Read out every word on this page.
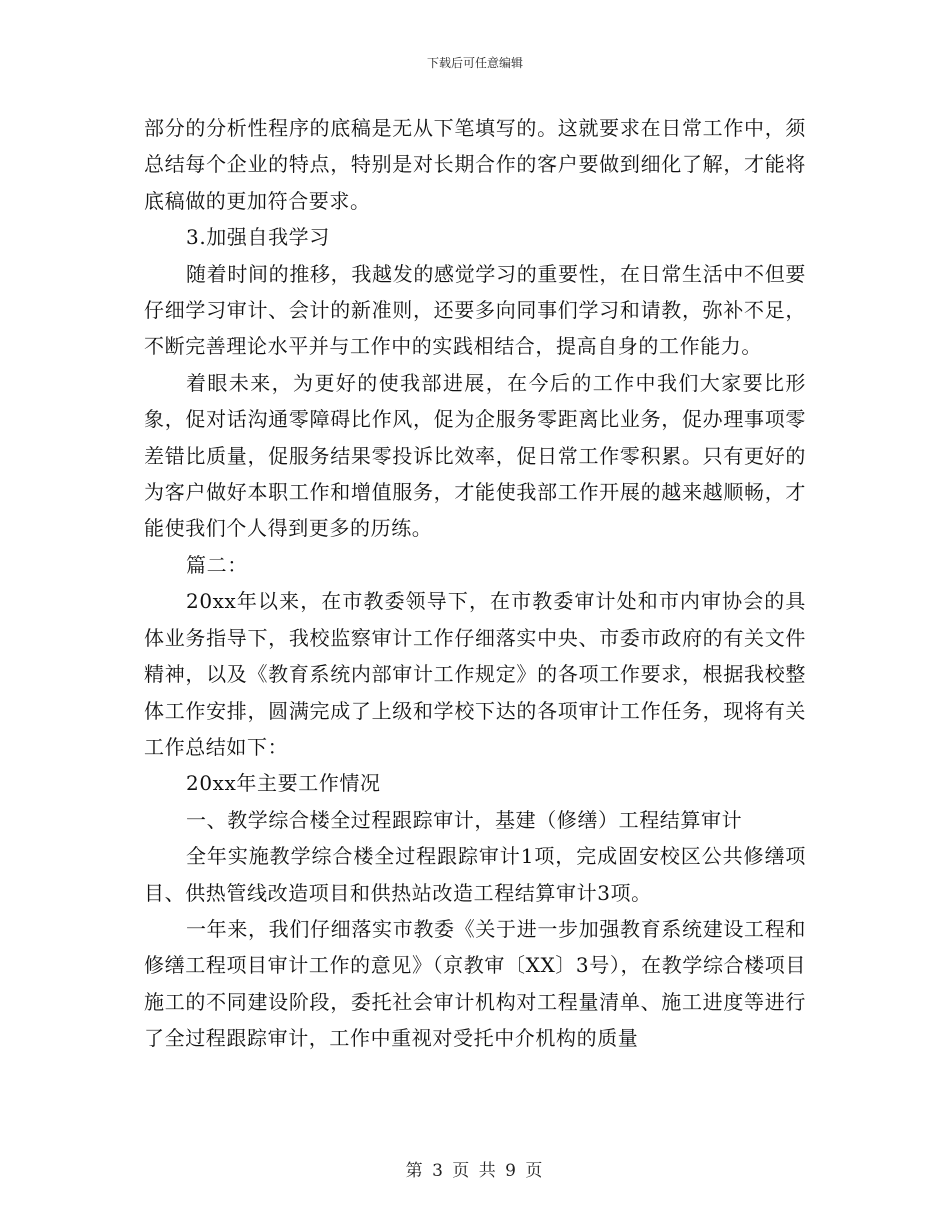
下载后可任意编辑

部分的分析性程序的底稿是无从下笔填写的。这就要求在日常工作中，须总结每个企业的特点，特别是对长期合作的客户要做到细化了解，才能将底稿做的更加符合要求。

3.加强自我学习

随着时间的推移，我越发的感觉学习的重要性，在日常生活中不但要仔细学习审计、会计的新准则，还要多向同事们学习和请教，弥补不足，不断完善理论水平并与工作中的实践相结合，提高自身的工作能力。

着眼未来，为更好的使我部进展，在今后的工作中我们大家要比形象，促对话沟通零障碍比作风，促为企服务零距离比业务，促办理事项零差错比质量，促服务结果零投诉比效率，促日常工作零积累。只有更好的为客户做好本职工作和增值服务，才能使我部工作开展的越来越顺畅，才能使我们个人得到更多的历练。

篇二：

20xx年以来，在市教委领导下，在市教委审计处和市内审协会的具体业务指导下，我校监察审计工作仔细落实中央、市委市政府的有关文件精神，以及《教育系统内部审计工作规定》的各项工作要求，根据我校整体工作安排，圆满完成了上级和学校下达的各项审计工作任务，现将有关工作总结如下：

20xx年主要工作情况

一、教学综合楼全过程跟踪审计，基建（修缮）工程结算审计

全年实施教学综合楼全过程跟踪审计1项，完成固安校区公共修缮项目、供热管线改造项目和供热站改造工程结算审计3项。

一年来，我们仔细落实市教委《关于进一步加强教育系统建设工程和修缮工程项目审计工作的意见》（京教审〔XX〕3号），在教学综合楼项目施工的不同建设阶段，委托社会审计机构对工程量清单、施工进度等进行了全过程跟踪审计，工作中重视对受托中介机构的质量

第 3 页 共 9 页
